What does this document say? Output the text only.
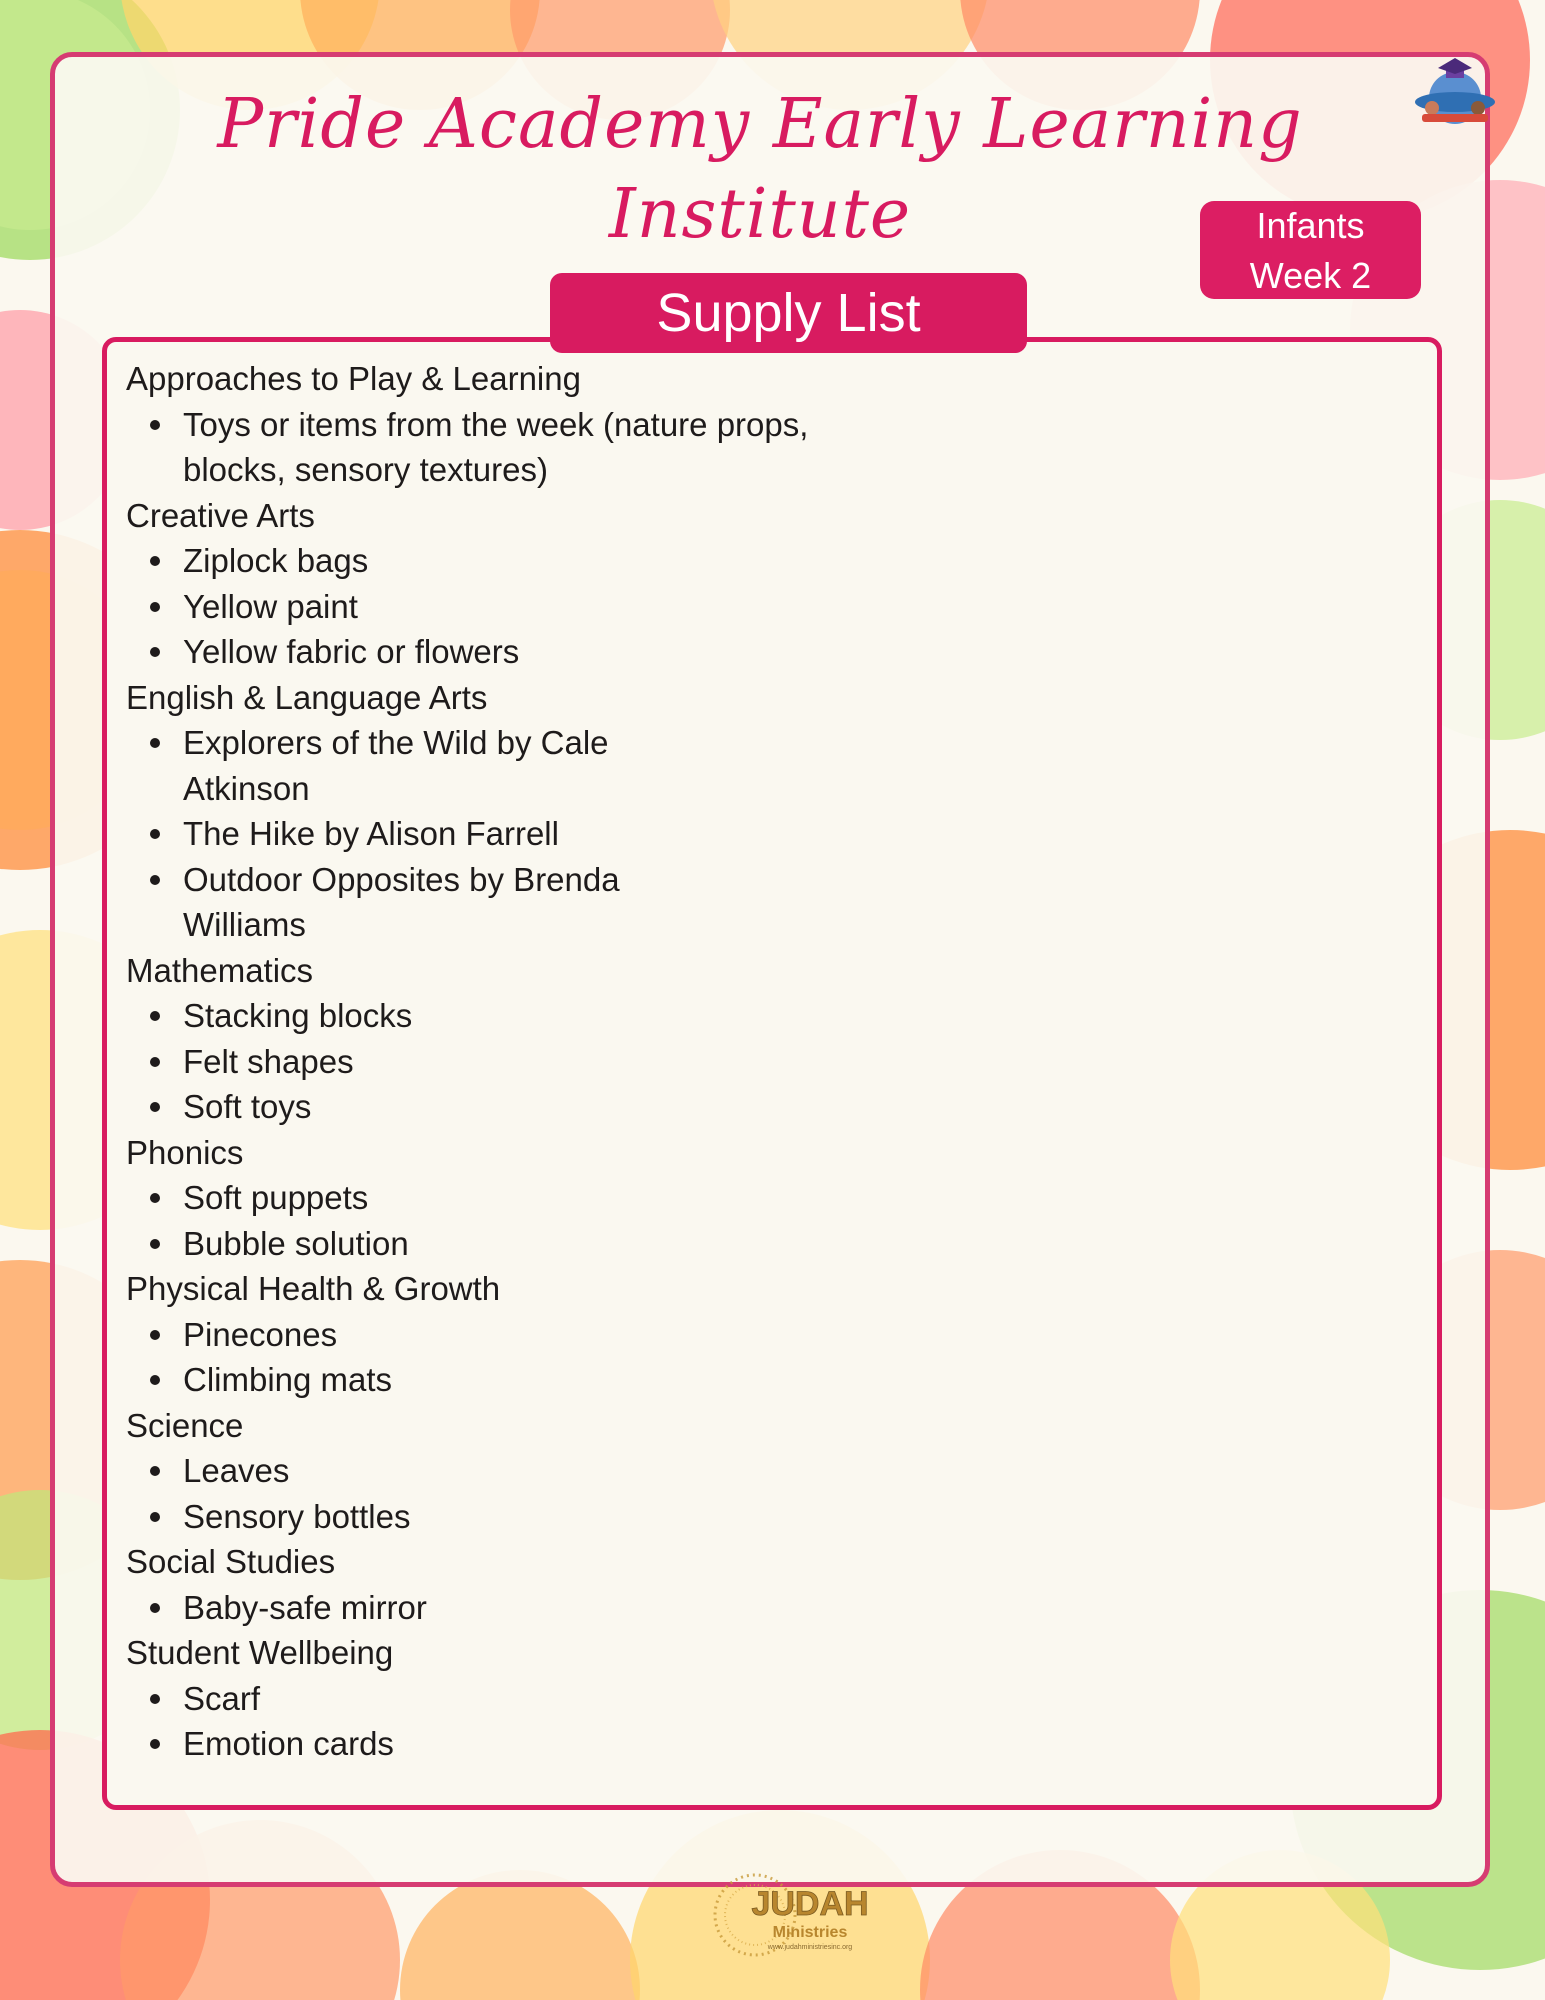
Pride Academy Early Learning Institute	Infants
Week 2
Supply List
Approaches to Play & Learning
Toys or items from the week (nature props, blocks, sensory textures)
Creative Arts
Ziplock bags
Yellow paint
Yellow fabric or flowers
English & Language Arts
Explorers of the Wild by Cale Atkinson
The Hike by Alison Farrell
Outdoor Opposites by Brenda Williams
Mathematics
Stacking blocks
Felt shapes
Soft toys
Phonics
Soft puppets
Bubble solution
Physical Health & Growth
Pinecones
Climbing mats
Science
Leaves
Sensory bottles
Social Studies
Baby-safe mirror
Student Wellbeing
Scarf
Emotion cards
JUDAH
Ministries
www.judahministriesinc.org
